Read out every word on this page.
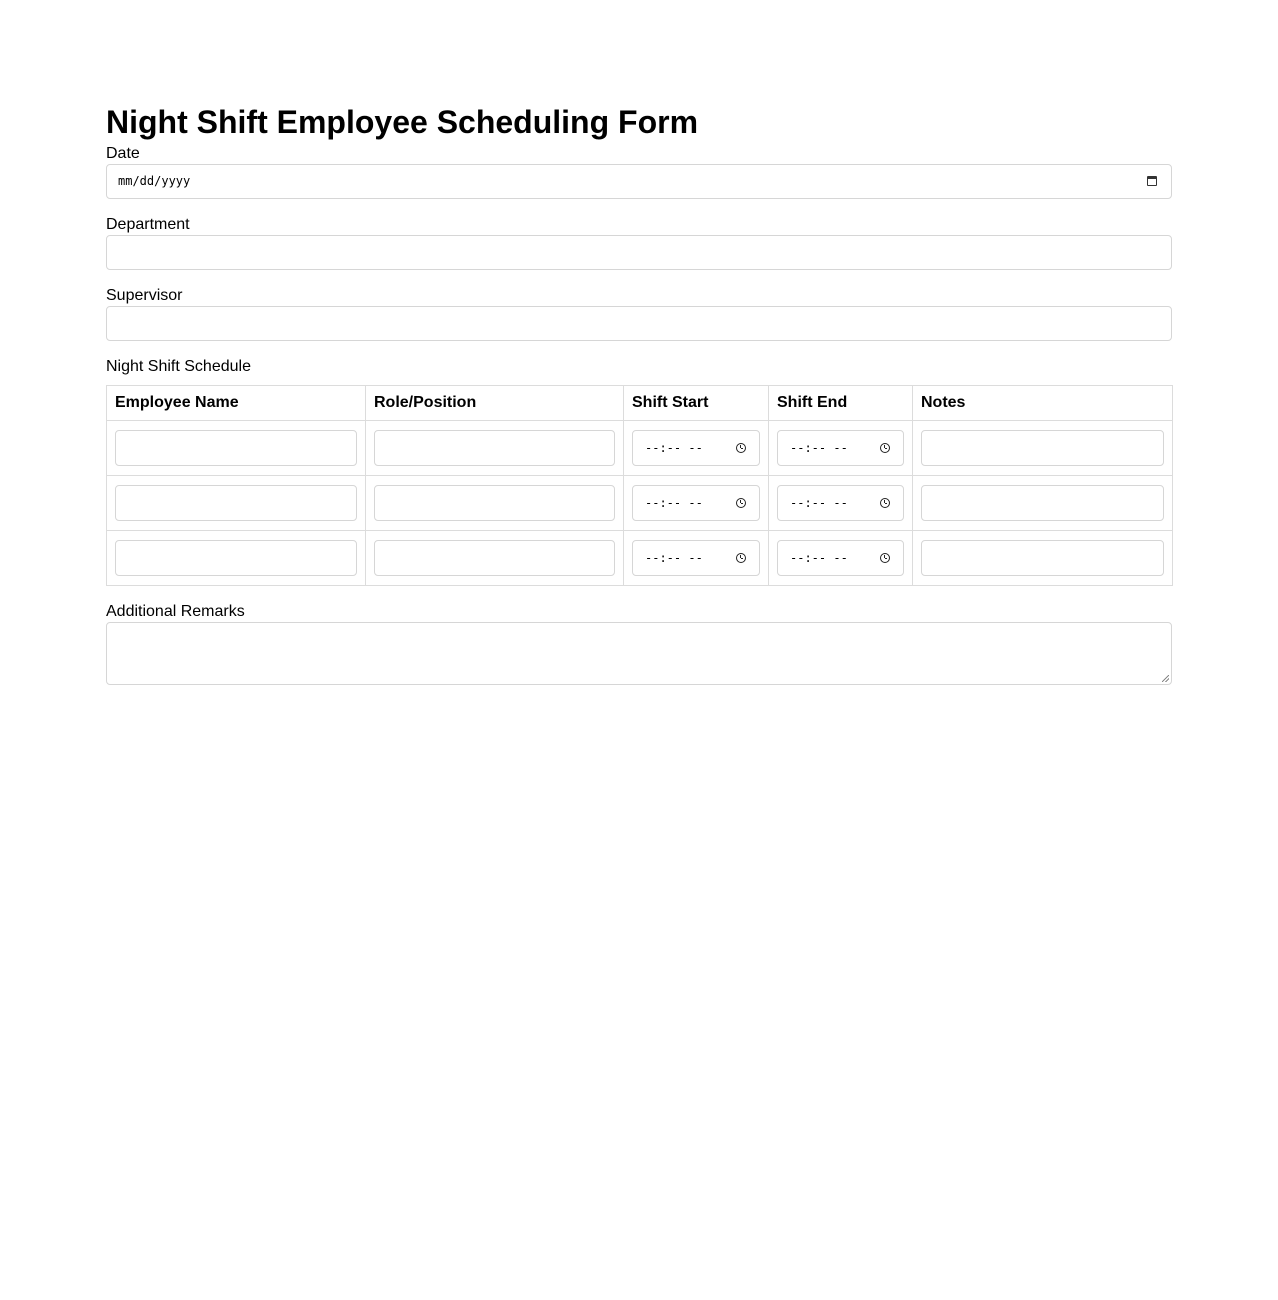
Night Shift Employee Scheduling Form
Date
mm/dd/yyyy
Department
Supervisor
Night Shift Schedule
Employee Name	Role/Position	Shift Start	Shift End	Notes

		--:-- --	--:-- --	

		--:-- --	--:-- --	

		--:-- --	--:-- --	

Additional Remarks
